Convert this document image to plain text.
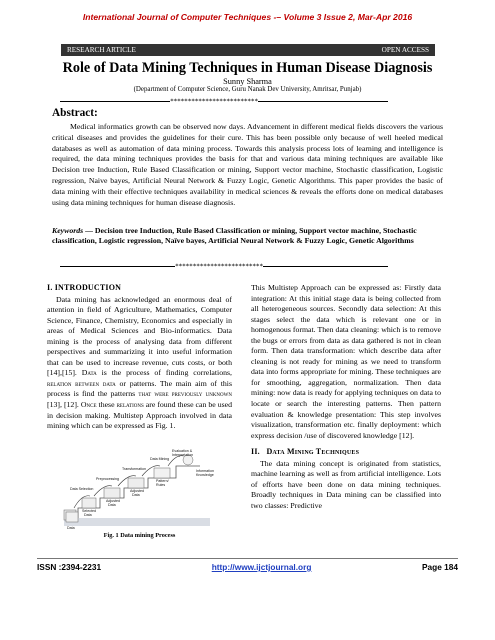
International Journal of Computer Techniques -– Volume 3 Issue 2, Mar-Apr 2016
RESEARCH ARTICLE	OPEN ACCESS
Role of Data Mining Techniques in Human Disease Diagnosis
Sunny Sharma
(Department of Computer Science, Guru Nanak Dev University, Amritsar, Punjab)
*************************
Abstract:
Medical informatics growth can be observed now days. Advancement in different medical fields discovers the various critical diseases and provides the guidelines for their cure. This has been possible only because of well heeled medical databases as well as automation of data mining process. Towards this analysis process lots of learning and intelligence is required, the data mining techniques provides the basis for that and various data mining techniques are available like Decision tree Induction, Rule Based Classification or mining, Support vector machine, Stochastic classification, Logistic regression, Naive bayes, Artificial Neural Network & Fuzzy Logic, Genetic Algorithms. This paper provides the basic of data mining with their effective techniques availability in medical sciences & reveals the efforts done on medical databases using data mining techniques for human disease diagnosis.
Keywords — Decision tree Induction, Rule Based Classification or mining, Support vector machine, Stochastic classification, Logistic regression, Naïve bayes, Artificial Neural Network & Fuzzy Logic, Genetic Algorithms
*************************
I. INTRODUCTION

Data mining has acknowledged an enormous deal of attention in field of Agriculture, Mathematics, Computer Science, Finance, Chemistry, Economics and especially in areas of Medical Sciences and Bio-informatics. Data mining is the process of analysing data from different perspectives and summarizing it into useful information that can be used to increase revenue, cuts costs, or both [14],[15]. Data is the process of finding correlations, relation between data or patterns. The main aim of this process is find the patterns that were previously unknown [13], [12]. Once these relations are found these can be used in decision making. Multistep Approach involved in data mining which can be expressed as Fig. 1.

Evaluation &
Interpretation
Data Mining
Transformation
Preprocessing
Data Selection
Information
Knowledge
Pattern/
Rules
Adjusted
Data
Adjusted
Data
Selected
Data
Data
Fig. 1 Data mining Process

This Multistep Approach can be expressed as: Firstly data integration: At this initial stage data is being collected from all heterogeneous sources. Secondly data selection: At this stages select the data which is relevant one or in homogenous format. Then data cleaning: which is to remove the bugs or errors from data as data gathered is not in clean form. Then data transformation: which describe data after cleaning is not ready for mining as we need to transform data into forms appropriate for mining. These techniques are for smoothing, aggregation, normalization. Then data mining: now data is ready for applying techniques on data to locate or search the interesting patterns. Then pattern evaluation & knowledge presentation: This step involves visualization, transformation etc. finally deployment: which express decision /use of discovered knowledge [12].

II. Data Mining Techniques

The data mining concept is originated from statistics, machine learning as well as from artificial intelligence. Lots of efforts have been done on data mining techniques. Broadly techniques in Data mining can be classified into two classes: Predictive

ISSN :2394-2231	http://www.ijctjournal.org	Page 184
